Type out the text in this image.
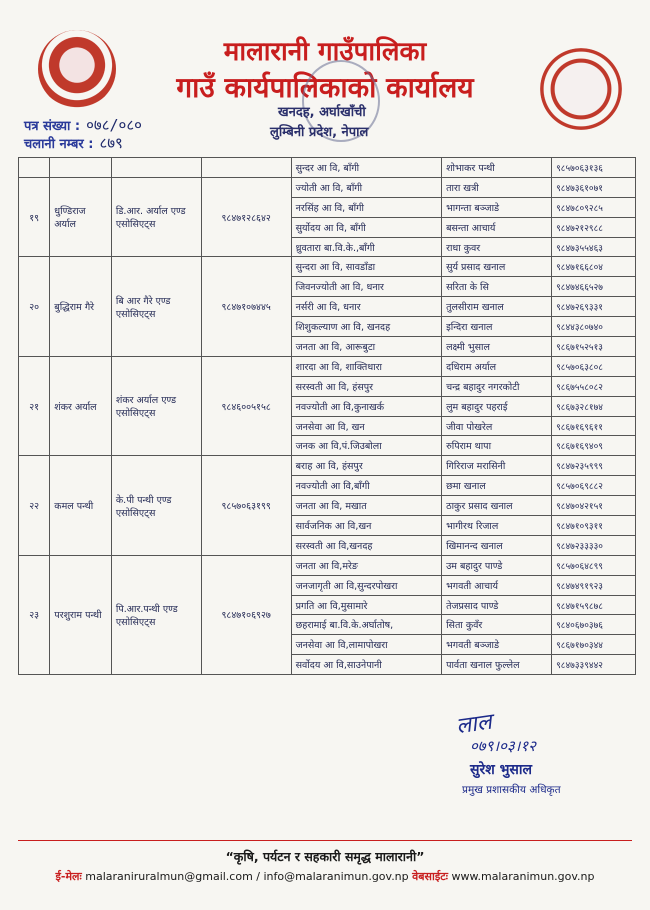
मालारानी गाउँपालिका
गाउँ कार्यपालिकाको कार्यालय
खनदह, अर्घाखाँची
लुम्बिनी प्रदेश, नेपाल
पत्र संख्या : ०७८/०८०
चलानी नम्बर : ८७९
				सुन्दर आ वि, बाँगी	शोभाकर पन्थी	९८५७०६३१३६
१९	धुण्डिराज अर्याल	डि.आर. अर्याल एण्ड एसोसिएट्स	९८४७१२८६४२	ज्योती आ वि, बाँगी	तारा खत्री	९८४७३६१०७१
				नरसिंह आ वि, बाँगी	भागन्ता बञ्जाडे	९८४७८०९२८५
				सुर्योदय आ वि, बाँगी	बसन्ता आचार्य	९८४७२१२९८८
				ध्रुवतारा बा.वि.के.,बाँगी	राधा कुवर	९८४७३५५४६३
२०	बुद्धिराम गैरे	बि आर गैरे एण्ड एसोसिएट्स	९८४७१०७४४५	सुन्दरा आ वि, सावडाँडा	सुर्य प्रसाद खनाल	९८४७१६६८०४
				जिवनज्योती आ वि, धनार	सरिता के सि	९८४७४६६५२७
				नर्सरी आ वि, धनार	तुलसीराम खनाल	९८४७२६९३३१
				शिशुकल्याण आ वि, खनदह	इन्दिरा खनाल	९८४४३८०७४०
				जनता आ वि, आरूबुटा	लक्ष्मी भुसाल	९८६७१५२५१३
२१	शंकर अर्याल	शंकर अर्याल एण्ड एसोसिएट्स	९८४६००५१५८	शारदा आ वि, शाक्तिधारा	दधिराम अर्याल	९८५७०६३८०८
				सरस्वती आ वि, हंसपुर	चन्द्र बहादुर नगरकोटी	९८६७५५८०८२
				नवज्योती आ वि,कुनाखर्क	लुम बहादुर पहराई	९८६७३२८१७४
				जनसेवा आ वि, खन	जीवा पोखरेल	९८६७१६९६११
				जनक आ वि,पं.जिउबोला	रुपिराम थापा	९८६७१६९४०९
२२	कमल पन्थी	के.पी पन्थी एण्ड एसोसिएट्स	९८५७०६३१९९	बराह आ वि, हंसपुर	गिरिराज मरासिनी	९८४७२३५९९९
				नवज्योती आ वि,बाँगी	छमा खनाल	९८५७०६९८८२
				जनता आ वि, मखात	ठाकुर प्रसाद खनाल	९८४७०४२१५१
				सार्वजनिक आ वि,खन	भागीरथ रिजाल	९८४७१०९३११
				सरस्वती आ वि,खनदह	खिमानन्द खनाल	९८४७२३३३३०
२३	परशुराम पन्थी	पि.आर.पन्थी एण्ड एसोसिएट्स	९८४७१०६९२७	जनता आ वि,मरेङ	उम बहादुर पाण्डे	९८५७०६४८९९
				जनजागृती आ वि,सुन्दरपोखरा	भगवती आचार्य	९८४७४९१९२३
				प्रगति आ वि,मुसामारे	तेजप्रसाद पाण्डे	९८४७१५९८७८
				छहरामाई बा.वि.के.अर्घातोष,	सिता कुवँर	९८४०६७०३७६
				जनसेवा आ वि,लामापोखरा	भगवती बञ्जाडे	९८६७१७०३४४
				सर्वोदय आ वि,साउनेपानी	पार्वता खनाल फुल्लेल	९८४७३३९४४२
लाल
०७९।०३।१२
सुरेश भुसाल
प्रमुख प्रशासकीय अधिकृत
“कृषि, पर्यटन र सहकारी समृद्ध मालारानी”
ई-मेलः malaraniruralmun@gmail.com / info@malaranimun.gov.np वेबसाईटः www.malaranimun.gov.np
